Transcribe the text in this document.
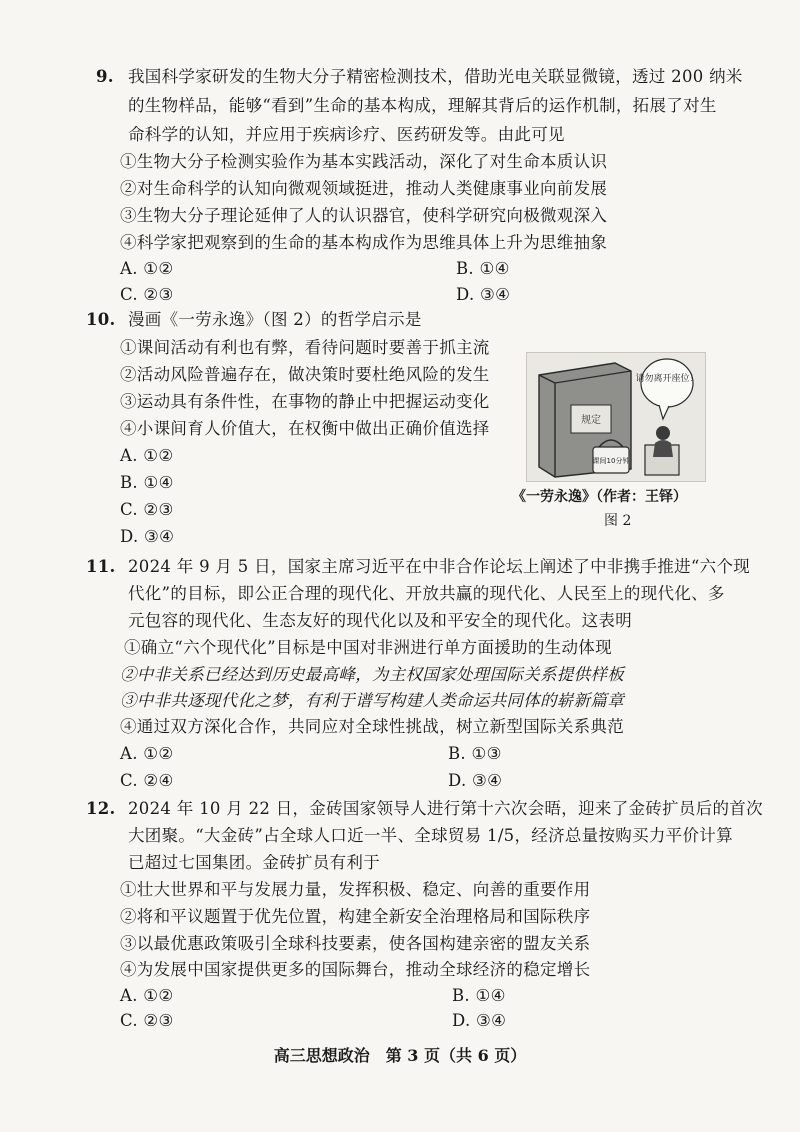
9. 我国科学家研发的生物大分子精密检测技术，借助光电关联显微镜，透过 200 纳米
的生物样品，能够“看到”生命的基本构成，理解其背后的运作机制，拓展了对生
命科学的认知，并应用于疾病诊疗、医药研发等。由此可见
①生物大分子检测实验作为基本实践活动，深化了对生命本质认识
②对生命科学的认知向微观领域挺进，推动人类健康事业向前发展
③生物大分子理论延伸了人的认识器官，使科学研究向极微观深入
④科学家把观察到的生命的基本构成作为思维具体上升为思维抽象
A. ①②	B. ①④
C. ②③	D. ③④
10. 漫画《一劳永逸》（图 2）的哲学启示是
①课间活动有利也有弊，看待问题时要善于抓主流
②活动风险普遍存在，做决策时要杜绝风险的发生
③运动具有条件性，在事物的静止中把握运动变化
④小课间育人价值大，在权衡中做出正确价值选择
A. ①②
B. ①④
C. ②③
D. ③④
规定
课间10分钟
请勿离开座位！
《一劳永逸》（作者：王铎）
图 2
11. 2024 年 9 月 5 日，国家主席习近平在中非合作论坛上阐述了中非携手推进“六个现
代化”的目标，即公正合理的现代化、开放共赢的现代化、人民至上的现代化、多
元包容的现代化、生态友好的现代化以及和平安全的现代化。这表明
①确立“六个现代化”目标是中国对非洲进行单方面援助的生动体现
②中非关系已经达到历史最高峰，为主权国家处理国际关系提供样板
③中非共逐现代化之梦，有利于谱写构建人类命运共同体的崭新篇章
④通过双方深化合作，共同应对全球性挑战，树立新型国际关系典范
A. ①②	B. ①③
C. ②④	D. ③④
12. 2024 年 10 月 22 日，金砖国家领导人进行第十六次会晤，迎来了金砖扩员后的首次
大团聚。“大金砖”占全球人口近一半、全球贸易 1/5，经济总量按购买力平价计算
已超过七国集团。金砖扩员有利于
①壮大世界和平与发展力量，发挥积极、稳定、向善的重要作用
②将和平议题置于优先位置，构建全新安全治理格局和国际秩序
③以最优惠政策吸引全球科技要素，使各国构建亲密的盟友关系
④为发展中国家提供更多的国际舞台，推动全球经济的稳定增长
A. ①②	B. ①④
C. ②③	D. ③④
高三思想政治　第 3 页（共 6 页）
